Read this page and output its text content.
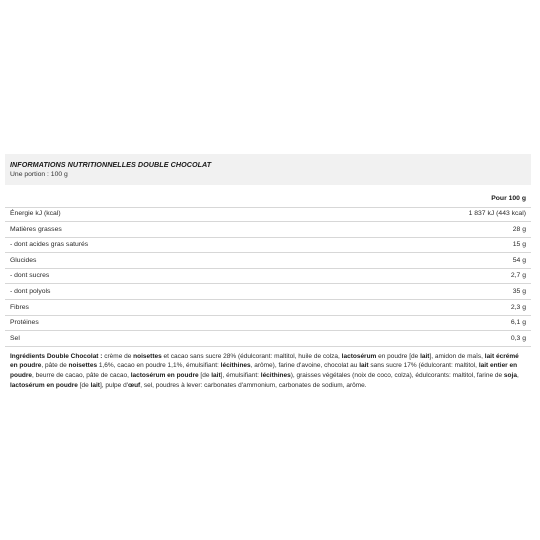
INFORMATIONS NUTRITIONNELLES DOUBLE CHOCOLAT
Une portion : 100 g
Pour 100 g
Énergie kJ (kcal)	1 837 kJ (443 kcal)
Matières grasses	28 g
- dont acides gras saturés	15 g
Glucides	54 g
- dont sucres	2,7 g
- dont polyols	35 g
Fibres	2,3 g
Protéines	6,1 g
Sel	0,3 g
Ingrédients Double Chocolat : crème de noisettes et cacao sans sucre 28% (édulcorant: maltitol, huile de colza, lactosérum en poudre [de lait], amidon de maïs, lait écrémé en poudre, pâte de noisettes 1,6%, cacao en poudre 1,1%, émulsifiant: lécithines, arôme), farine d'avoine, chocolat au lait sans sucre 17% (édulcorant: maltitol, lait entier en poudre, beurre de cacao, pâte de cacao, lactosérum en poudre [de lait], émulsifiant: lécithines), graisses végétales (noix de coco, colza), édulcorants: maltitol, farine de soja, lactosérum en poudre [de lait], pulpe d'œuf, sel, poudres à lever: carbonates d'ammonium, carbonates de sodium, arôme.
